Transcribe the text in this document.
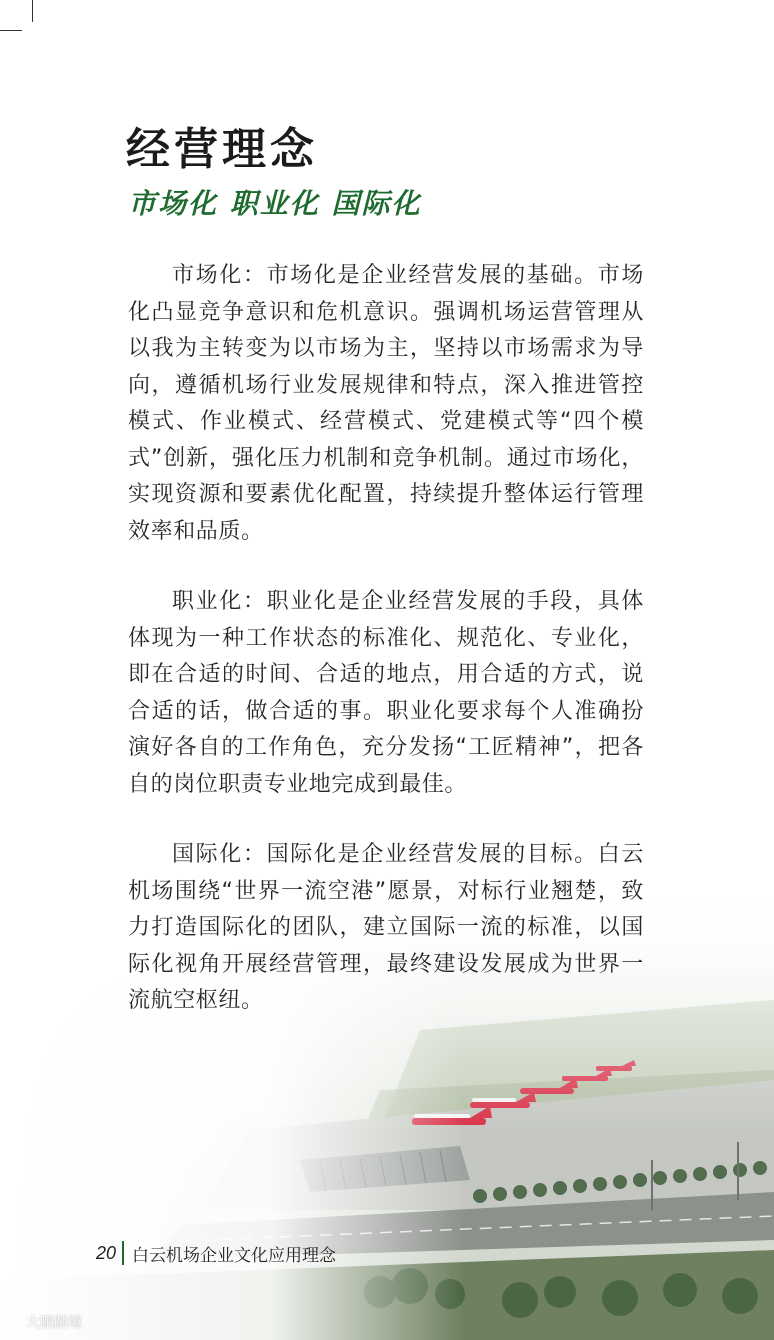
经营理念
市场化 职业化 国际化

市场化：市场化是企业经营发展的基础。市场化凸显竞争意识和危机意识。强调机场运营管理从以我为主转变为以市场为主，坚持以市场需求为导向，遵循机场行业发展规律和特点，深入推进管控模式、作业模式、经营模式、党建模式等“四个模式”创新，强化压力机制和竞争机制。通过市场化，实现资源和要素优化配置，持续提升整体运行管理效率和品质。

职业化：职业化是企业经营发展的手段，具体体现为一种工作状态的标准化、规范化、专业化，即在合适的时间、合适的地点，用合适的方式，说合适的话，做合适的事。职业化要求每个人准确扮演好各自的工作角色，充分发扬“工匠精神”，把各自的岗位职责专业地完成到最佳。

国际化：国际化是企业经营发展的目标。白云机场围绕“世界一流空港”愿景，对标行业翘楚，致力打造国际化的团队，建立国际一流的标准，以国际化视角开展经营管理，最终建设发展成为世界一流航空枢纽。

20 白云机场企业文化应用理念
大鹏踏境
